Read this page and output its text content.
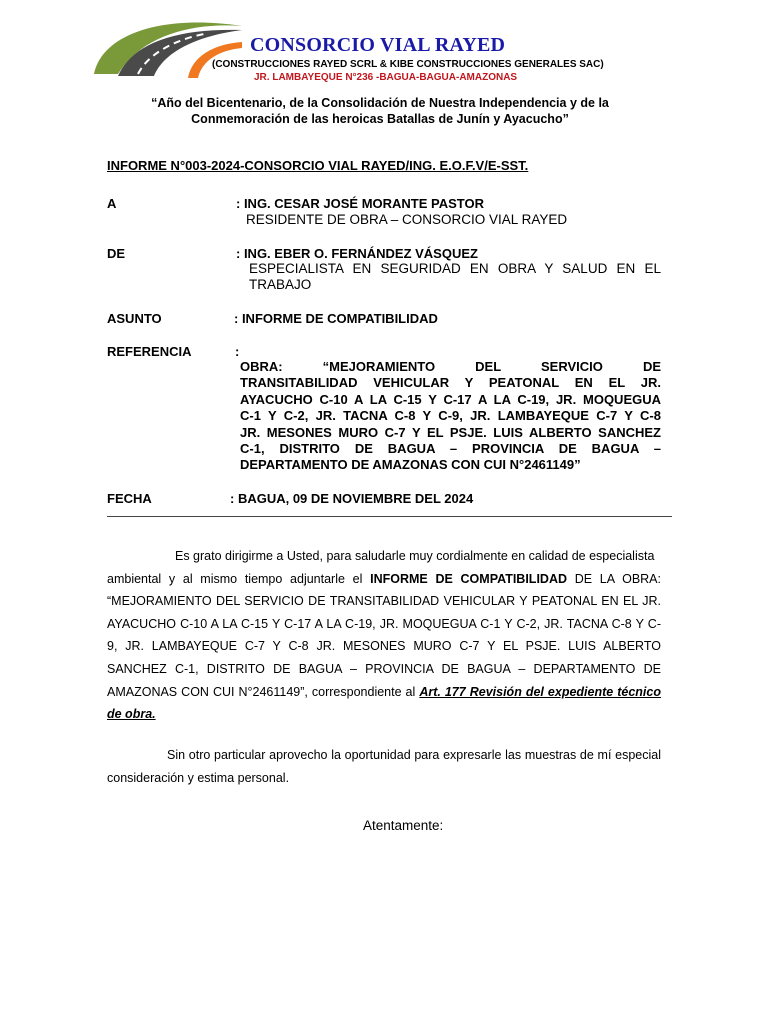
CONSORCIO VIAL RAYED
(CONSTRUCCIONES RAYED SCRL & KIBE CONSTRUCCIONES GENERALES SAC)
JR. LAMBAYEQUE N°236 -BAGUA-BAGUA-AMAZONAS
“Año del Bicentenario, de la Consolidación de Nuestra Independencia y de la
Conmemoración de las heroicas Batallas de Junín y Ayacucho”
INFORME N°003-2024-CONSORCIO VIAL RAYED/ING. E.O.F.V/E-SST.
A	: ING. CESAR JOSÉ MORANTE PASTOR
RESIDENTE DE OBRA – CONSORCIO VIAL RAYED
DE	: ING. EBER O. FERNÁNDEZ VÁSQUEZ
ESPECIALISTA EN SEGURIDAD EN OBRA Y SALUD EN EL
TRABAJO
ASUNTO	: INFORME DE COMPATIBILIDAD
REFERENCIA	:
OBRA: “MEJORAMIENTO DEL SERVICIO DE
TRANSITABILIDAD VEHICULAR Y PEATONAL EN EL JR.
AYACUCHO C-10 A LA C-15 Y C-17 A LA C-19, JR. MOQUEGUA
C-1 Y C-2, JR. TACNA C-8 Y C-9, JR. LAMBAYEQUE C-7 Y C-8
JR. MESONES MURO C-7 Y EL PSJE. LUIS ALBERTO SANCHEZ
C-1, DISTRITO DE BAGUA – PROVINCIA DE BAGUA –
DEPARTAMENTO DE AMAZONAS CON CUI N°2461149”
FECHA	: BAGUA, 09 DE NOVIEMBRE DEL 2024
Es grato dirigirme a Usted, para saludarle muy cordialmente en calidad de especialista
ambiental y al mismo tiempo adjuntarle el INFORME DE COMPATIBILIDAD DE LA OBRA:
“MEJORAMIENTO DEL SERVICIO DE TRANSITABILIDAD VEHICULAR Y PEATONAL EN EL JR.
AYACUCHO C-10 A LA C-15 Y C-17 A LA C-19, JR. MOQUEGUA C-1 Y C-2, JR. TACNA C-8 Y C-
9, JR. LAMBAYEQUE C-7 Y C-8 JR. MESONES MURO C-7 Y EL PSJE. LUIS ALBERTO
SANCHEZ C-1, DISTRITO DE BAGUA – PROVINCIA DE BAGUA – DEPARTAMENTO DE
AMAZONAS CON CUI N°2461149”, correspondiente al Art. 177 Revisión del expediente técnico
de obra.
Sin otro particular aprovecho la oportunidad para expresarle las muestras de mí especial
consideración y estima personal.
Atentamente:
